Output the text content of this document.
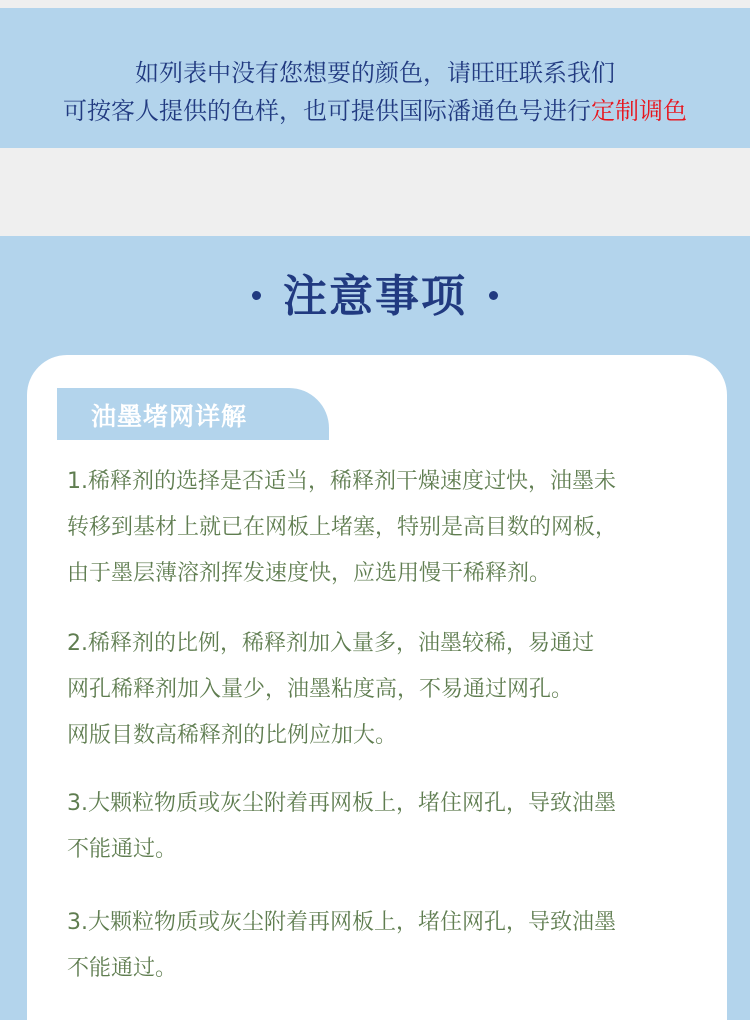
如列表中没有您想要的颜色，请旺旺联系我们
可按客人提供的色样，也可提供国际潘通色号进行定制调色
注意事项
油墨堵网详解
1.稀释剂的选择是否适当，稀释剂干燥速度过快，油墨未
转移到基材上就已在网板上堵塞，特别是高目数的网板，
由于墨层薄溶剂挥发速度快，应选用慢干稀释剂。
2.稀释剂的比例，稀释剂加入量多，油墨较稀，易通过
网孔稀释剂加入量少，油墨粘度高，不易通过网孔。
网版目数高稀释剂的比例应加大。
3.大颗粒物质或灰尘附着再网板上，堵住网孔，导致油墨
不能通过。
3.大颗粒物质或灰尘附着再网板上，堵住网孔，导致油墨
不能通过。
